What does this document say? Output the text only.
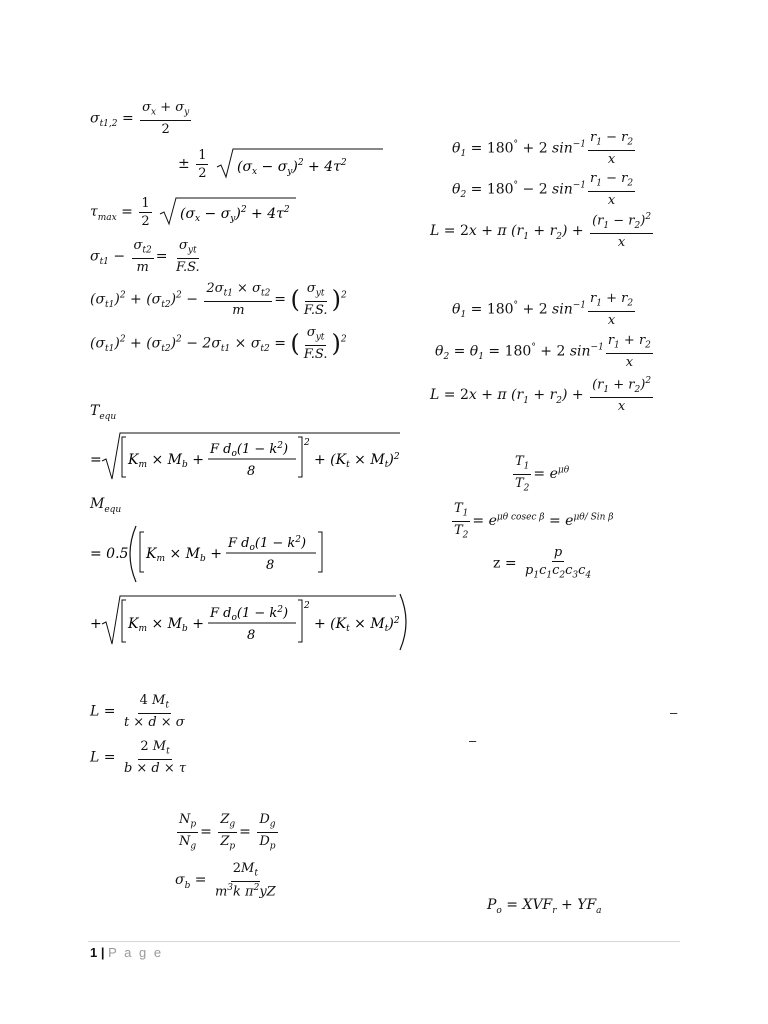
$\sigma_{t1,2} = \frac{\sigma_x + \sigma_y}{2}$
± $\frac{1}{2}$
$(\sigma_x - \sigma_y)^2 + 4\tau^2$
$\tau_{max} = \frac{1}{2}$
$(\sigma_x - \sigma_y)^2 + 4\tau^2$
$\sigma_{t1} - \frac{\sigma_{t2}}{m} = \frac{\sigma_{yt}}{F.S.}$
$(\sigma_{t1})^2 + (\sigma_{t2})^2 - \frac{2\sigma_{t1} \times \sigma_{t2}}{m}$ = ( $\frac{\sigma_{yt}}{F.S.} )^2$
$(\sigma_{t1})^2 + (\sigma_{t2})^2 - 2\sigma_{t1} \times \sigma_{t2}$ = ( $\frac{\sigma_{yt}}{F.S.} )^2$
$T_{equ}$
= $K_m \times M_b$ +
F $d_o(1 - k^2)$
8
2
+ $(K_t \times M_t)^2$
$M_{equ}$
= 0.5 $K_m \times M_b$ +
F $d_o(1 - k^2)$
8
+ $K_m \times M_b$ +
F $d_o(1 - k^2)$
8
2
+ $(K_t \times M_t)^2$
$L = \frac{4 M_t}{t \times d \times \sigma}$
$L = \frac{2 M_t}{b \times d \times \tau}$
$\frac{N_p}{N_g} = \frac{Z_g}{Z_p} = \frac{D_g}{D_p}$
$\sigma_b = \frac{2M_t}{m^3k \pi^2yZ}$
$\theta_1 = 180^\circ + 2$ $\sin^{-1} \frac{r_1 - r_2}{x}$
$\theta_2 = 180^\circ - 2$ $\sin^{-1} \frac{r_1 - r_2}{x}$
L = 2x + π $(r_1 + r_2) + \frac{(r_1 - r_2)^2}{x}$
$\theta_1 = 180^\circ + 2$ $\sin^{-1} \frac{r_1 + r_2}{x}$
$\theta_2 = \theta_1 = 180^\circ + 2$ $\sin^{-1} \frac{r_1 + r_2}{x}$
L = 2x + π $(r_1 + r_2) + \frac{(r_1 + r_2)^2}{x}$
$\frac{T_1}{T_2} = e^{\mu\theta}$
$\frac{T_1}{T_2} = e^{\mu\theta cosec \beta} = e^{\mu\theta/ Sin \beta}$
$z = \frac{p}{p_1c_1c_2c_3c_4}$
–
–
$P_o = XVF_r + YF_a$
1 | P a g e
